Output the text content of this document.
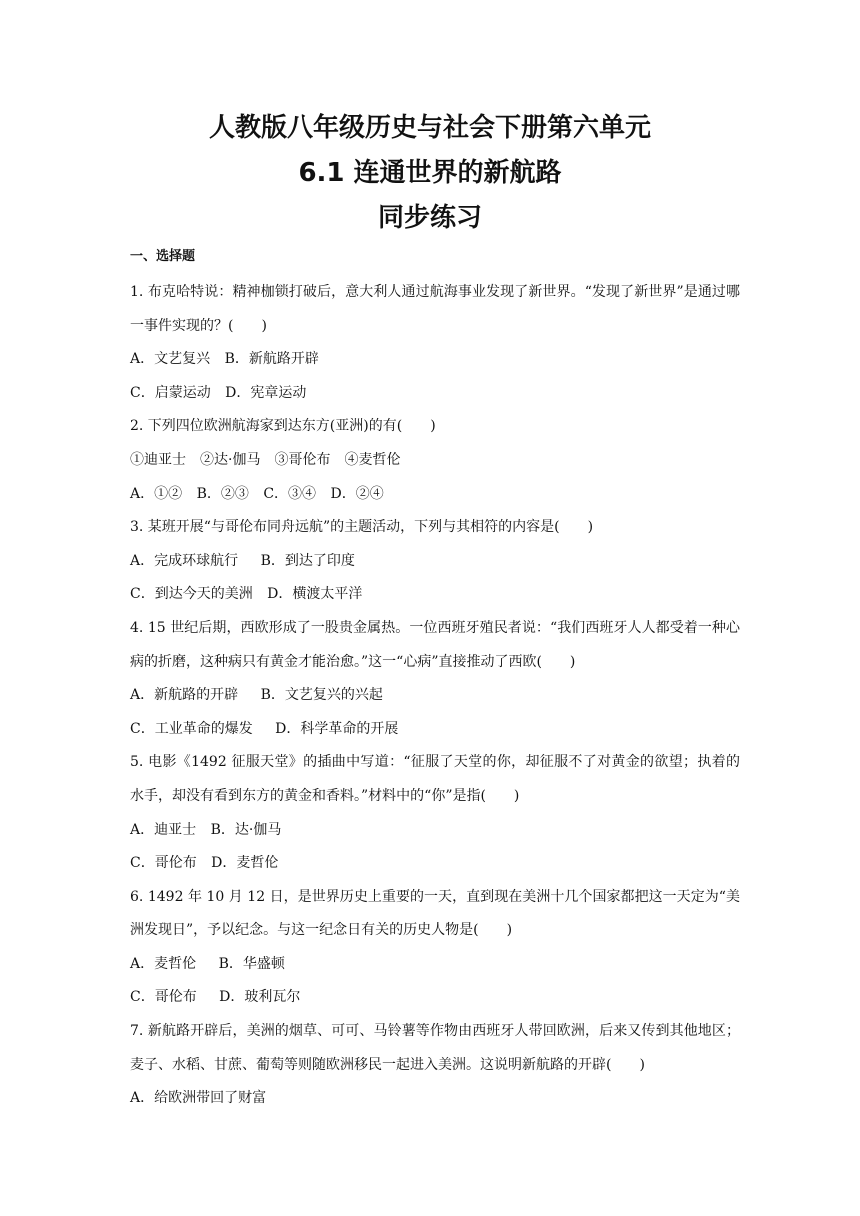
人教版八年级历史与社会下册第六单元
6.1 连通世界的新航路
同步练习
一、选择题
1. 布克哈特说：精神枷锁打破后，意大利人通过航海事业发现了新世界。“发现了新世界”是通过哪一事件实现的？(　　)
A．文艺复兴 B．新航路开辟
C．启蒙运动 D．宪章运动
2. 下列四位欧洲航海家到达东方(亚洲)的有(　　)
①迪亚士　②达·伽马　③哥伦布　④麦哲伦
A．①② B．②③ C．③④ D．②④
3. 某班开展“与哥伦布同舟远航”的主题活动，下列与其相符的内容是(　　)
A．完成环球航行 B．到达了印度
C．到达今天的美洲 D．横渡太平洋
4. 15 世纪后期，西欧形成了一股贵金属热。一位西班牙殖民者说：“我们西班牙人人都受着一种心病的折磨，这种病只有黄金才能治愈。”这一“心病”直接推动了西欧(　　)
A．新航路的开辟 B．文艺复兴的兴起
C．工业革命的爆发 D．科学革命的开展
5. 电影《1492 征服天堂》的插曲中写道：“征服了天堂的你，却征服不了对黄金的欲望；执着的水手，却没有看到东方的黄金和香料。”材料中的“你”是指(　　)
A．迪亚士 B．达·伽马
C．哥伦布 D．麦哲伦
6. 1492 年 10 月 12 日，是世界历史上重要的一天，直到现在美洲十几个国家都把这一天定为“美洲发现日”，予以纪念。与这一纪念日有关的历史人物是(　　)
A．麦哲伦 B．华盛顿
C．哥伦布 D．玻利瓦尔
7. 新航路开辟后，美洲的烟草、可可、马铃薯等作物由西班牙人带回欧洲，后来又传到其他地区；麦子、水稻、甘蔗、葡萄等则随欧洲移民一起进入美洲。这说明新航路的开辟(　　)
A．给欧洲带回了财富
